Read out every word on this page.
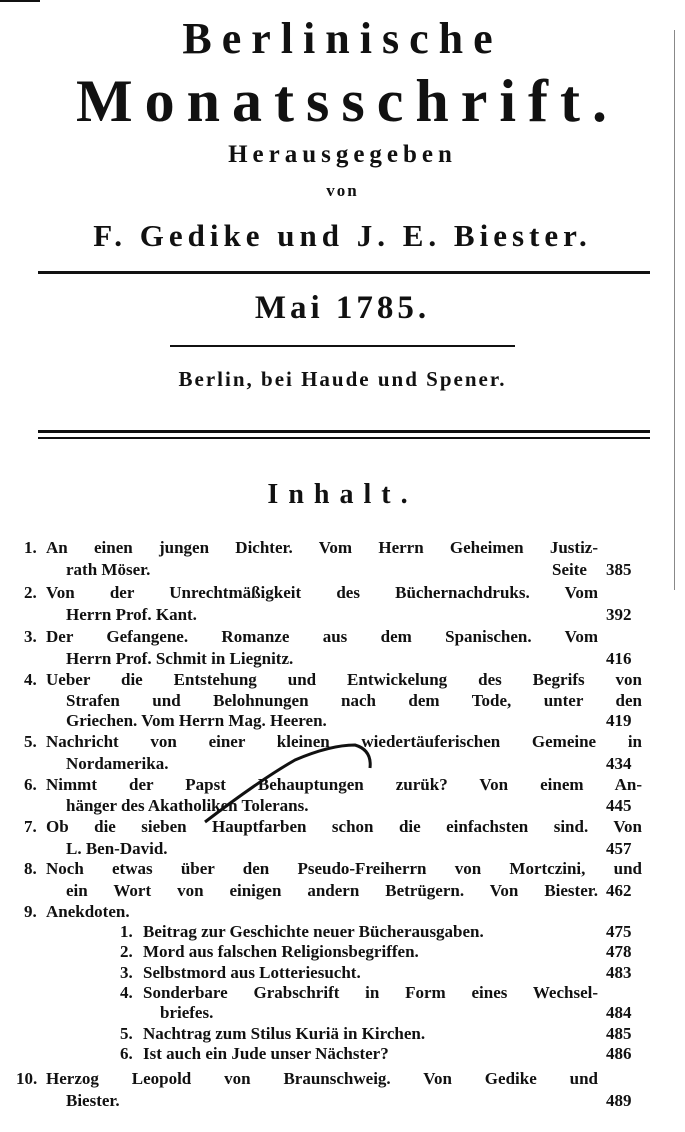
Berlinische
Monatsschrift.
Herausgegeben
von
F. Gedike und J. E. Biester.
Mai 1785.
Berlin, bei Haude und Spener.
Inhalt.
1. An einen jungen Dichter. Vom Herrn Geheimen Justiz-
rath Möser.	Seite 385
2. Von der Unrechtmäßigkeit des Büchernachdruks. Vom
Herrn Prof. Kant.	392
3. Der Gefangene. Romanze aus dem Spanischen. Vom
Herrn Prof. Schmit in Liegnitz.	416
4. Ueber die Entstehung und Entwickelung des Begrifs von
Strafen und Belohnungen nach dem Tode, unter den
Griechen. Vom Herrn Mag. Heeren.	419
5. Nachricht von einer kleinen wiedertäuferischen Gemeine in
Nordamerika.	434
6. Nimmt der Papst Behauptungen zurük? Von einem An-
hänger des Akatholiken Tolerans.	445
7. Ob die sieben Hauptfarben schon die einfachsten sind. Von
L. Ben-David.	457
8. Noch etwas über den Pseudo-Freiherrn von Mortczini, und
ein Wort von einigen andern Betrügern. Von Biester. 462
9. Anekdoten.
1. Beitrag zur Geschichte neuer Bücherausgaben.	475
2. Mord aus falschen Religionsbegriffen.	478
3. Selbstmord aus Lotteriesucht.	483
4. Sonderbare Grabschrift in Form eines Wechsel-
briefes.	484
5. Nachtrag zum Stilus Kuriä in Kirchen.	485
6. Ist auch ein Jude unser Nächster?	486
10. Herzog Leopold von Braunschweig. Von Gedike und
Biester.	489
